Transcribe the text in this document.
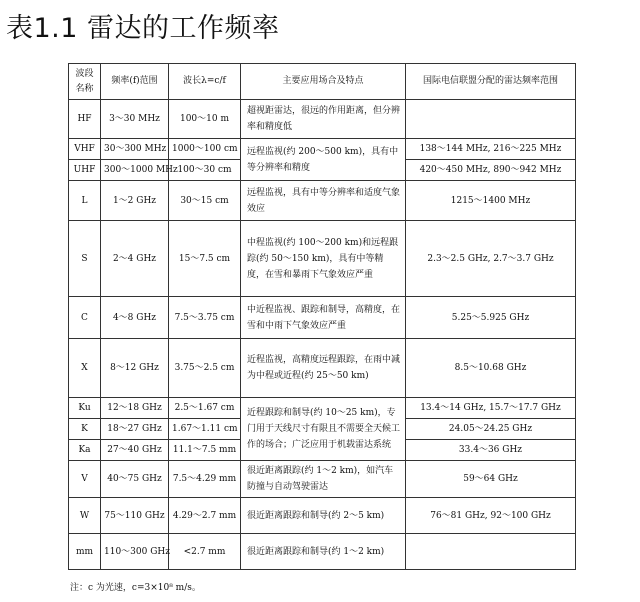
表1.1 雷达的工作频率
波段名称	频率(f)范围	波长λ=c/f	主要应用场合及特点	国际电信联盟分配的雷达频率范围
HF	3～30 MHz	100～10 m	超视距雷达，很远的作用距离，但分辨率和精度低	
VHF	30～300 MHz	1000～100 cm	远程监视(约 200～500 km)，具有中等分辨率和精度	138～144 MHz, 216～225 MHz
UHF	300～1000 MHz	100～30 cm		420～450 MHz, 890～942 MHz
L	1～2 GHz	30～15 cm	远程监视，具有中等分辨率和适度气象效应	1215～1400 MHz
S	2～4 GHz	15～7.5 cm	中程监视(约 100～200 km)和远程跟踪(约 50～150 km)，具有中等精度，在雪和暴雨下气象效应严重	2.3～2.5 GHz, 2.7～3.7 GHz
C	4～8 GHz	7.5～3.75 cm	中近程监视、跟踪和制导，高精度，在雪和中雨下气象效应严重	5.25～5.925 GHz
X	8～12 GHz	3.75～2.5 cm	近程监视，高精度远程跟踪，在雨中减为中程或近程(约 25～50 km)	8.5～10.68 GHz
Ku	12～18 GHz	2.5～1.67 cm	近程跟踪和制导(约 10～25 km)，专门用于天线尺寸有限且不需要全天候工作的场合；广泛应用于机载雷达系统	13.4～14 GHz, 15.7～17.7 GHz
K	18～27 GHz	1.67～1.11 cm		24.05～24.25 GHz
Ka	27～40 GHz	11.1～7.5 mm		33.4～36 GHz
V	40～75 GHz	7.5～4.29 mm	很近距离跟踪(约 1～2 km)，如汽车防撞与自动驾驶雷达	59～64 GHz
W	75～110 GHz	4.29～2.7 mm	很近距离跟踪和制导(约 2～5 km)	76～81 GHz, 92～100 GHz
mm	110～300 GHz	<2.7 mm	很近距离跟踪和制导(约 1～2 km)	
注：c 为光速，c=3×10⁸ m/s。
